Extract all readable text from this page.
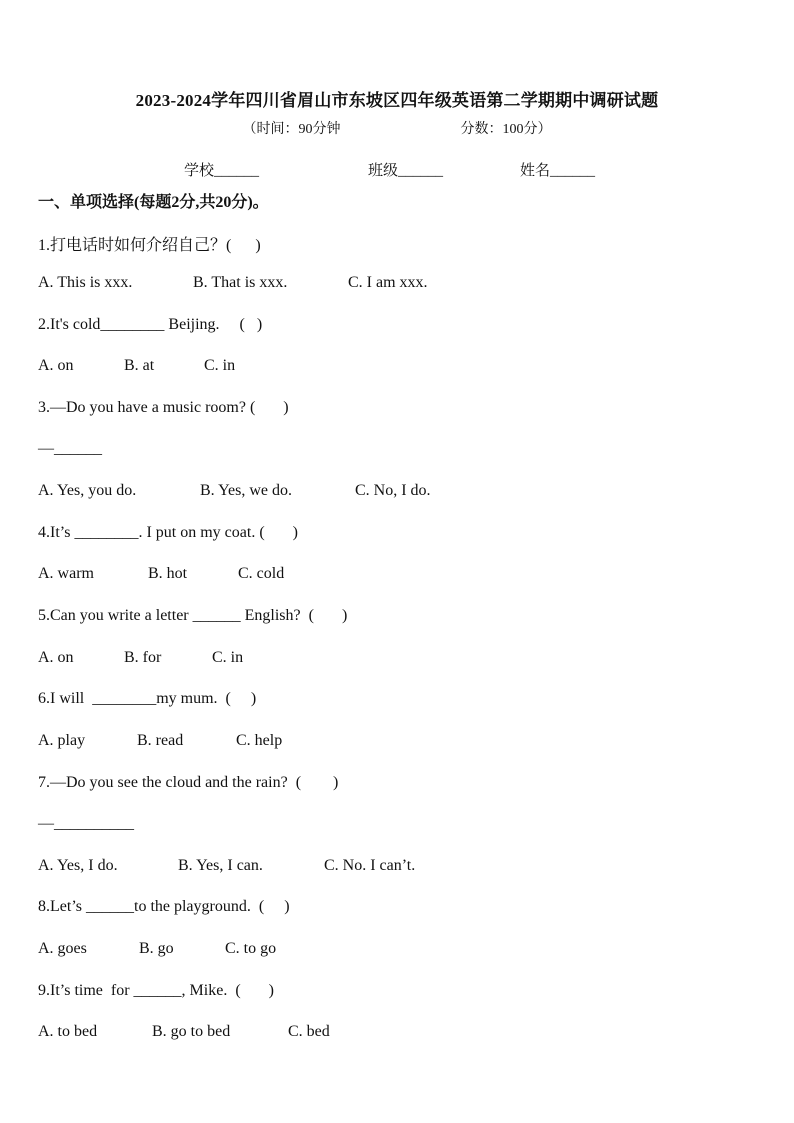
2023-2024学年四川省眉山市东坡区四年级英语第二学期期中调研试题
（时间：90分钟	分数：100分）
学校______	班级______	姓名______
一、单项选择(每题2分,共20分)。
1.打电话时如何介绍自己？(      )
A. This is xxx.	B. That is xxx.	C. I am xxx.
2.It's cold________ Beijing.     (   )
A. on	B. at	C. in
3.—Do you have a music room? (       )
—______
A. Yes, you do.	B. Yes, we do.	C. No, I do.
4.It’s ________. I put on my coat. (       )
A. warm	B. hot	C. cold
5.Can you write a letter ______ English?  (       )
A. on	B. for	C. in
6.I will  ________my mum.  (     )
A. play	B. read	C. help
7.—Do you see the cloud and the rain?  (        )
—__________
A. Yes, I do.	B. Yes, I can.	C. No. I can’t.
8.Let’s ______to the playground.  (     )
A. goes	B. go	C. to go
9.It’s time  for ______, Mike.  (       )
A. to bed	B. go to bed	C. bed
